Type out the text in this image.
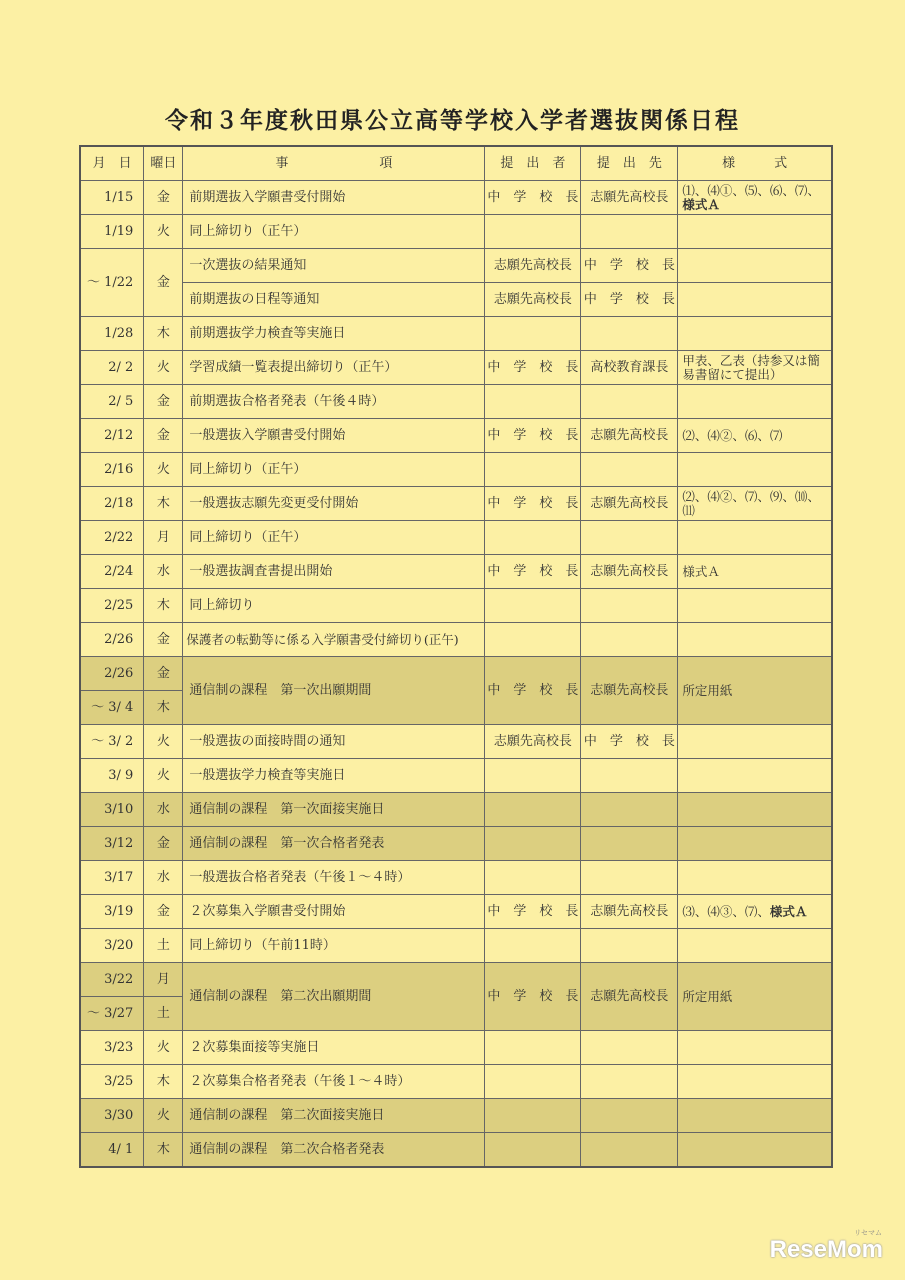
令和３年度秋田県公立高等学校入学者選抜関係日程
月　日	曜日	事　　　　　　　項	提　出　者	提　出　先	様　　　式
1/15	金	前期選抜入学願書受付開始	中　学　校　長	志願先高校長	⑴、⑷①、⑸、⑹、⑺、
様式Ａ
1/19	火	同上締切り（正午）			
～ 1/22	金	一次選抜の結果通知	志願先高校長	中　学　校　長	
		前期選抜の日程等通知	志願先高校長	中　学　校　長	
1/28	木	前期選抜学力検査等実施日			
2/ 2	火	学習成績一覧表提出締切り（正午）	中　学　校　長	高校教育課長	甲表、乙表（持参又は簡易書留にて提出）
2/ 5	金	前期選抜合格者発表（午後４時）			
2/12	金	一般選抜入学願書受付開始	中　学　校　長	志願先高校長	⑵、⑷②、⑹、⑺
2/16	火	同上締切り（正午）			
2/18	木	一般選抜志願先変更受付開始	中　学　校　長	志願先高校長	⑵、⑷②、⑺、⑼、⑽、⑾
2/22	月	同上締切り（正午）			
2/24	水	一般選抜調査書提出開始	中　学　校　長	志願先高校長	様式Ａ
2/25	木	同上締切り			
2/26	金	保護者の転勤等に係る入学願書受付締切り(正午)			
2/26	金	通信制の課程　第一次出願期間	中　学　校　長	志願先高校長	所定用紙
～ 3/ 4	木				
～ 3/ 2	火	一般選抜の面接時間の通知	志願先高校長	中　学　校　長	
3/ 9	火	一般選抜学力検査等実施日			
3/10	水	通信制の課程　第一次面接実施日			
3/12	金	通信制の課程　第一次合格者発表			
3/17	水	一般選抜合格者発表（午後１～４時）			
3/19	金	２次募集入学願書受付開始	中　学　校　長	志願先高校長	⑶、⑷③、⑺、様式Ａ
3/20	土	同上締切り（午前11時）			
3/22	月	通信制の課程　第二次出願期間	中　学　校　長	志願先高校長	所定用紙
～ 3/27	土				
3/23	火	２次募集面接等実施日			
3/25	木	２次募集合格者発表（午後１～４時）			
3/30	火	通信制の課程　第二次面接実施日			
4/ 1	木	通信制の課程　第二次合格者発表			
リセマム
ReseMom
